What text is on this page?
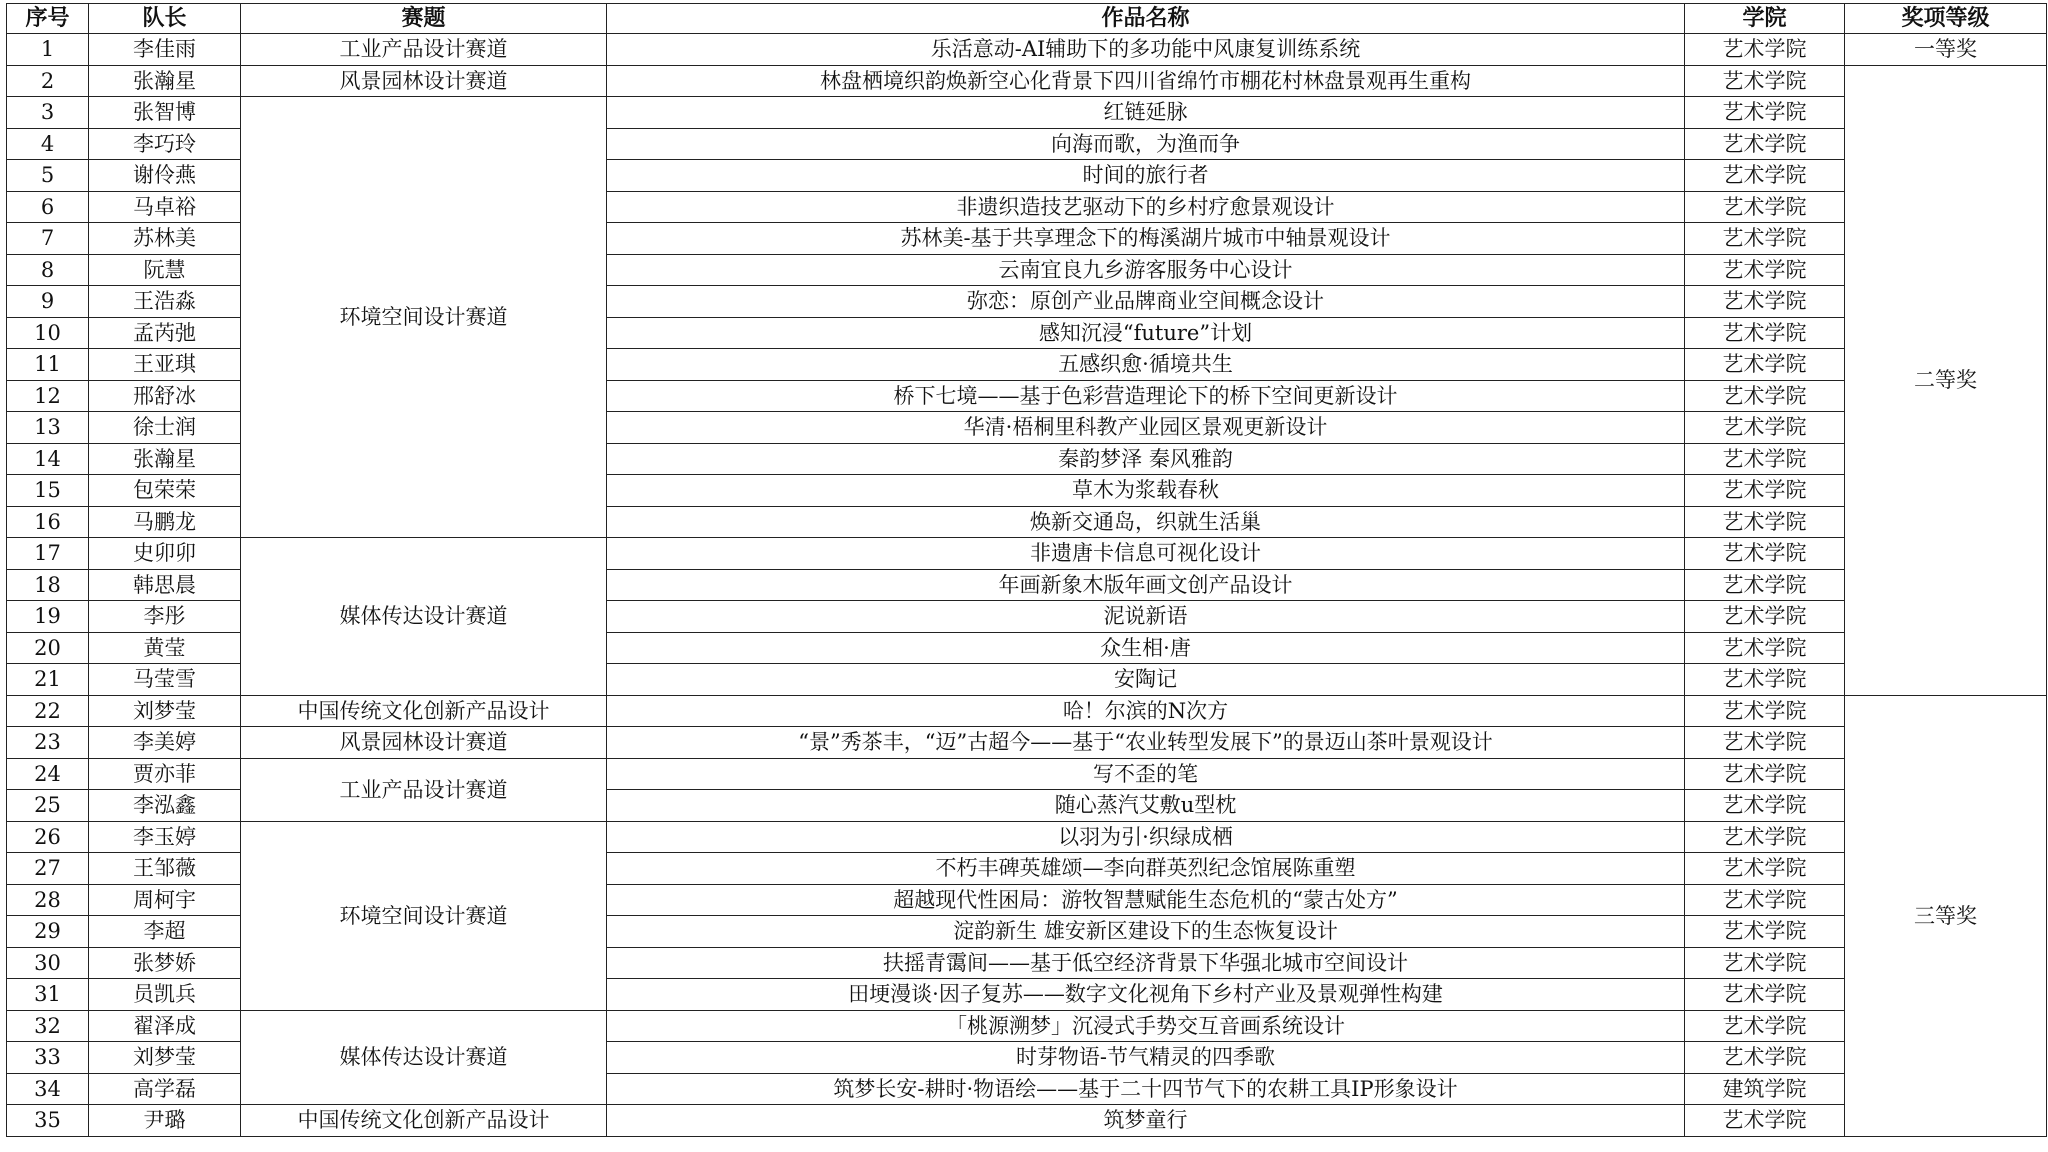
序号	队长	赛题	作品名称	学院	奖项等级
1	李佳雨	工业产品设计赛道	乐活意动-AI辅助下的多功能中风康复训练系统	艺术学院	一等奖
2	张瀚星	风景园林设计赛道	林盘栖境织韵焕新空心化背景下四川省绵竹市棚花村林盘景观再生重构	艺术学院	二等奖
3	张智博	环境空间设计赛道	红链延脉	艺术学院	
4	李巧玲		向海而歌，为渔而争	艺术学院	
5	谢伶燕		时间的旅行者	艺术学院	
6	马卓裕		非遗织造技艺驱动下的乡村疗愈景观设计	艺术学院	
7	苏林美		苏林美-基于共享理念下的梅溪湖片城市中轴景观设计	艺术学院	
8	阮慧		云南宜良九乡游客服务中心设计	艺术学院	
9	王浩淼		弥恋：原创产业品牌商业空间概念设计	艺术学院	
10	孟芮弛		感知沉浸“future”计划	艺术学院	
11	王亚琪		五感织愈·循境共生	艺术学院	
12	邢舒冰		桥下七境——基于色彩营造理论下的桥下空间更新设计	艺术学院	
13	徐士润		华清·梧桐里科教产业园区景观更新设计	艺术学院	
14	张瀚星		秦韵梦泽 秦风雅韵	艺术学院	
15	包荣荣		草木为浆载春秋	艺术学院	
16	马鹏龙		焕新交通岛，织就生活巢	艺术学院	
17	史卯卯	媒体传达设计赛道	非遗唐卡信息可视化设计	艺术学院	
18	韩思晨		年画新象木版年画文创产品设计	艺术学院	
19	李彤		泥说新语	艺术学院	
20	黄莹		众生相·唐	艺术学院	
21	马莹雪		安陶记	艺术学院	
22	刘梦莹	中国传统文化创新产品设计	哈！尔滨的N次方	艺术学院	三等奖
23	李美婷	风景园林设计赛道	“景”秀茶丰，“迈”古超今——基于“农业转型发展下”的景迈山茶叶景观设计	艺术学院	
24	贾亦菲	工业产品设计赛道	写不歪的笔	艺术学院	
25	李泓鑫		随心蒸汽艾敷u型枕	艺术学院	
26	李玉婷	环境空间设计赛道	以羽为引·织绿成栖	艺术学院	
27	王邹薇		不朽丰碑英雄颂—李向群英烈纪念馆展陈重塑	艺术学院	
28	周柯宇		超越现代性困局：游牧智慧赋能生态危机的“蒙古处方”	艺术学院	
29	李超		淀韵新生 雄安新区建设下的生态恢复设计	艺术学院	
30	张梦娇		扶摇青霭间——基于低空经济背景下华强北城市空间设计	艺术学院	
31	员凯兵		田埂漫谈·因子复苏——数字文化视角下乡村产业及景观弹性构建	艺术学院	
32	翟泽成	媒体传达设计赛道	「桃源溯梦」沉浸式手势交互音画系统设计	艺术学院	
33	刘梦莹		时芽物语-节气精灵的四季歌	艺术学院	
34	高学磊		筑梦长安-耕时·物语绘——基于二十四节气下的农耕工具IP形象设计	建筑学院	
35	尹璐	中国传统文化创新产品设计	筑梦童行	艺术学院	
